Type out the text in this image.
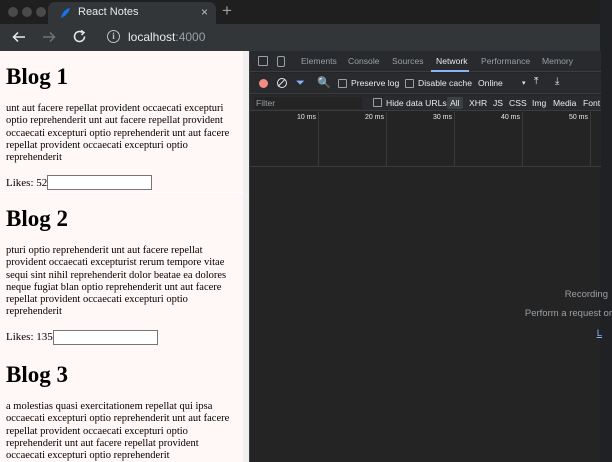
React Notes	× +
i	localhost:4000
Blog 1

unt aut facere repellat provident occaecati excepturi optio reprehenderit unt aut facere repellat provident occaecati excepturi optio reprehenderit unt aut facere repellat provident occaecati excepturi optio reprehenderit

Likes: 52
Blog 2

pturi optio reprehenderit unt aut facere repellat provident occaecati excepturist rerum tempore vitae sequi sint nihil reprehenderit dolor beatae ea dolores neque fugiat blan optio reprehenderit unt aut facere repellat provident occaecati excepturi optio reprehenderit

Likes: 135
Blog 3

a molestias quasi exercitationem repellat qui ipsa occaecati excepturi optio reprehenderit unt aut facere repellat provident occaecati excepturi optio reprehenderit unt aut facere repellat provident occaecati excepturi optio reprehenderit

Elements Console Sources Network Performance Memory
⏷ 🔍 Preserve log Disable cache Online	▾ ⤒ ⤓
Filter
Hide data URLs All	XHR JS CSS Img Media Font
10 ms	20 ms	30 ms	40 ms	50 ms
Recording
Perform a request or
L
